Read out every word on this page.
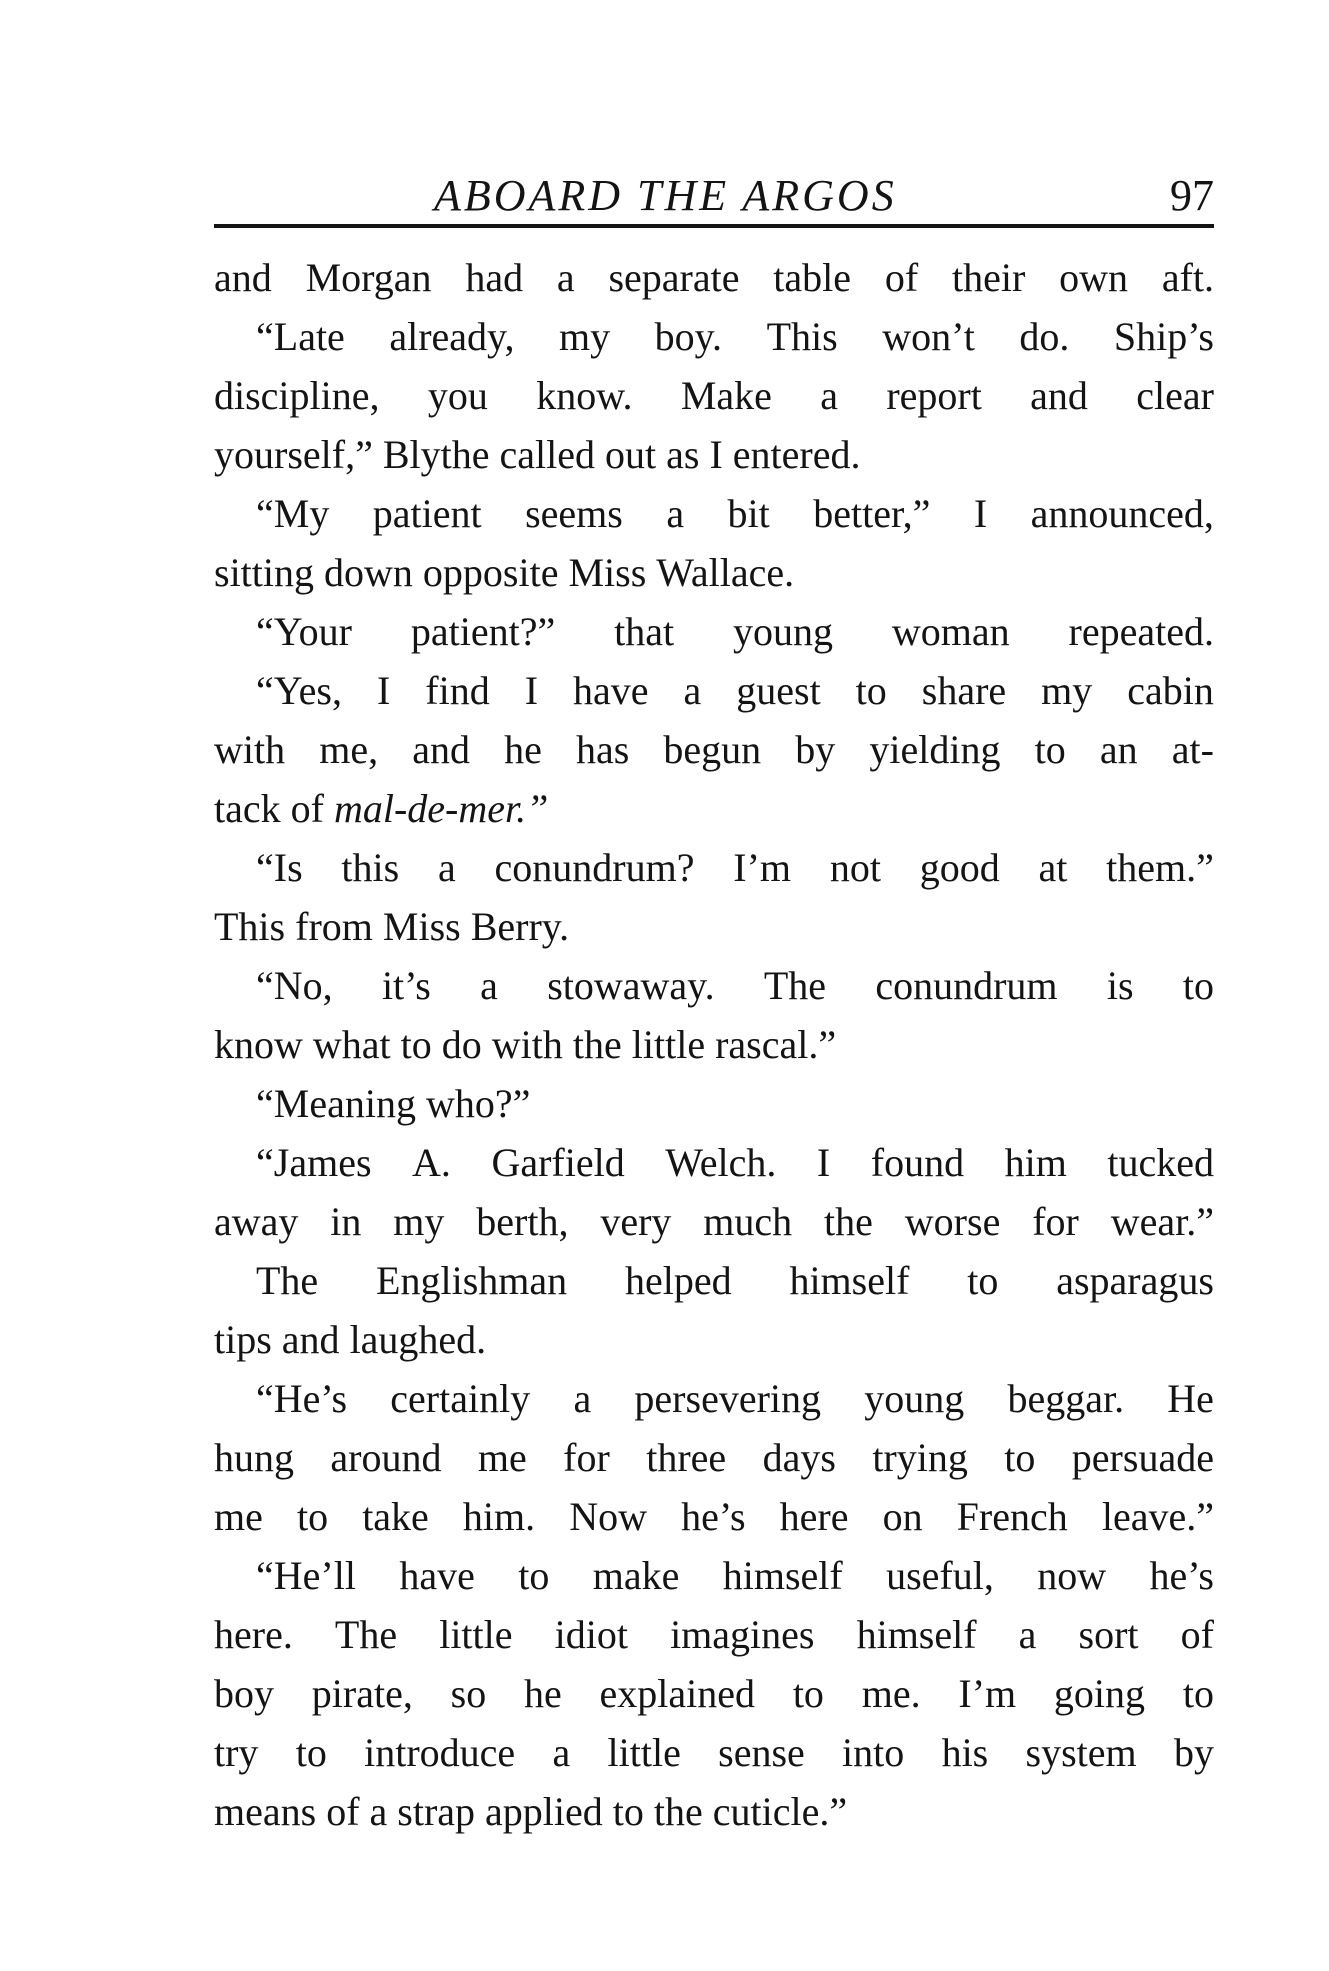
ABOARD THE ARGOS	97
and Morgan had a separate table of their own aft.
“Late already, my boy. This won’t do. Ship’s
discipline, you know. Make a report and clear
yourself,”
Blythe
called
out
as
I
entered.
“My patient seems a bit better,” I announced,
sitting
down
opposite
Miss
Wallace.
“Your patient?” that young woman repeated.
“Yes, I find I have a guest to share my cabin
with me, and he has begun by yielding to an at-
tack
of
mal-de-mer.”
“Is this a conundrum? I’m not good at them.”
This
from
Miss
Berry.
“No, it’s a stowaway. The conundrum is to
know
what
to
do
with
the
little
rascal.”
“Meaning
who?”
“James A. Garfield Welch. I found him tucked
away in my berth, very much the worse for wear.”
The Englishman helped himself to asparagus
tips
and
laughed.
“He’s certainly a persevering young beggar. He
hung around me for three days trying to persuade
me to take him. Now he’s here on French leave.”
“He’ll have to make himself useful, now he’s
here. The little idiot imagines himself a sort of
boy pirate, so he explained to me. I’m going to
try to introduce a little sense into his system by
means
of
a
strap
applied
to
the
cuticle.”
